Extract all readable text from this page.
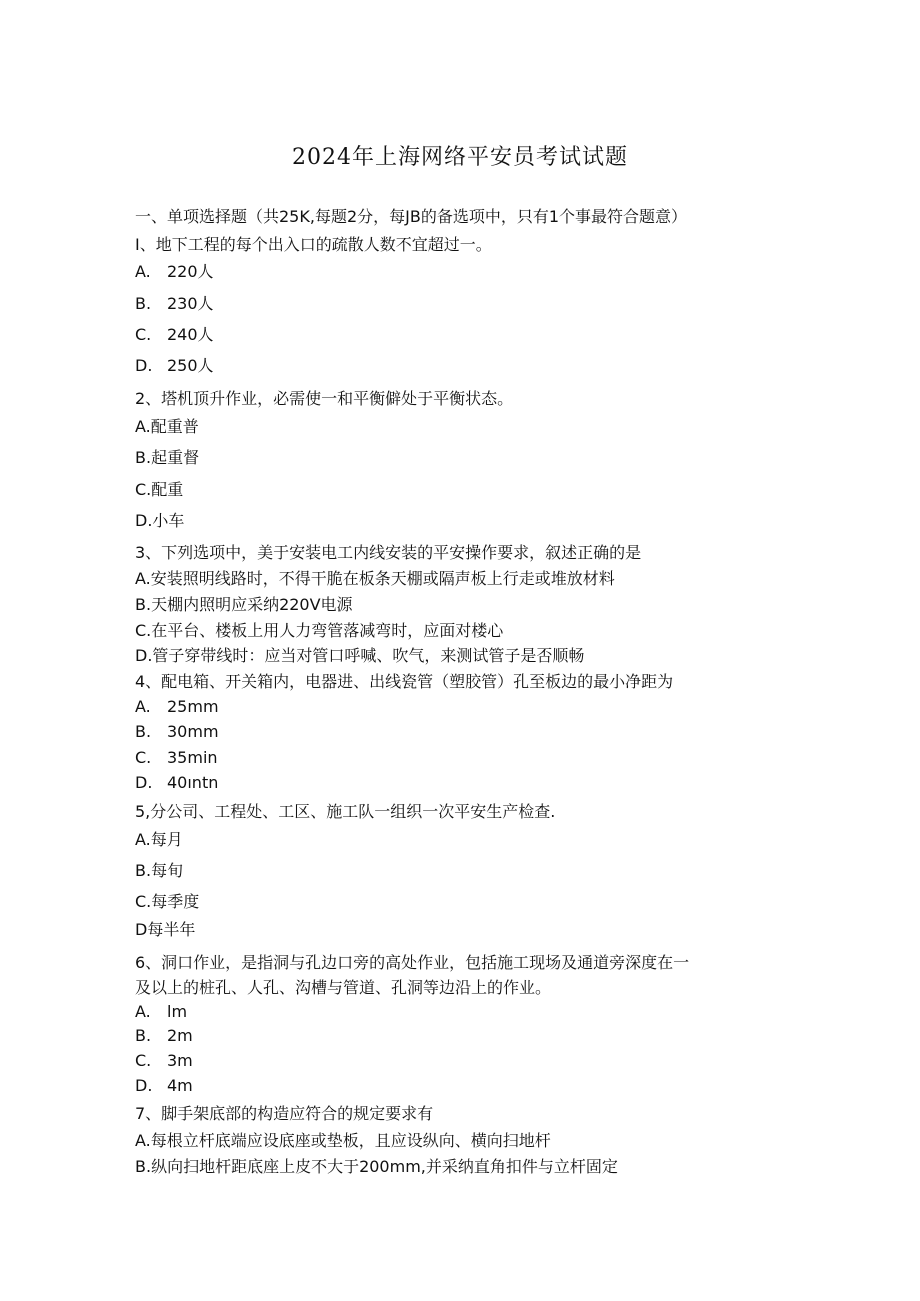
2024年上海网络平安员考试试题
一、单项选择题（共25K,每题2分，每JB的备选项中，只有1个事最符合题意）
I、地下工程的每个出入口的疏散人数不宜超过一。
A. 220人
B. 230人
C. 240人
D. 250人
2、塔机顶升作业，必需使一和平衡僻处于平衡状态。
A.配重普
B.起重督
C.配重
D.小车
3、下列选项中，美于安装电工内线安装的平安操作要求，叙述正确的是
A.安装照明线路时，不得干脆在板条天棚或隔声板上行走或堆放材料
B.天棚内照明应采纳220V电源
C.在平台、楼板上用人力弯管落减弯时，应面对楼心
D.管子穿带线时：应当对管口呼喊、吹气，来测试管子是否顺畅
4、配电箱、开关箱内，电器进、出线瓷管（塑胶管）孔至板边的最小净距为
A. 25mm
B. 30mm
C. 35min
D. 40ıntn
5,分公司、工程处、工区、施工队一组织一次平安生产检查.
A.每月
B.每旬
C.每季度
D每半年
6、洞口作业，是指洞与孔边口旁的高处作业，包括施工现场及通道旁深度在一
及以上的桩孔、人孔、沟槽与管道、孔洞等边沿上的作业。
A. lm
B. 2m
C. 3m
D. 4m
7、脚手架底部的构造应符合的规定要求有
A.每根立杆底端应设底座或垫板，且应设纵向、横向扫地杆
B.纵向扫地杆距底座上皮不大于200mm,并采纳直角扣件与立杆固定
